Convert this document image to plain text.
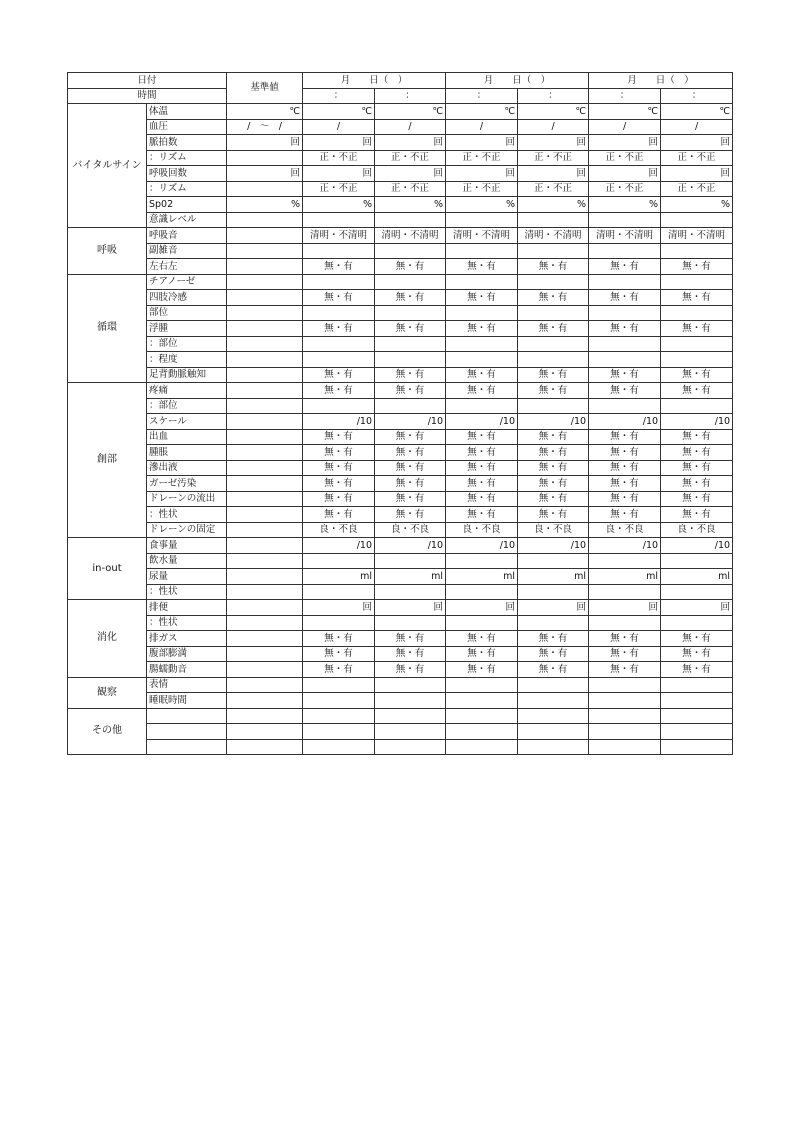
日付		基準値	月　　日（　）		月　　日（　）		月　　日（　）	
時間			：	：	：	：	：	：
バイタルサイン	体温	℃	℃	℃	℃	℃	℃	℃
	血圧	/　〜　/	/	/	/	/	/	/
	脈拍数	回	回	回	回	回	回	回
	：リズム		正・不正	正・不正	正・不正	正・不正	正・不正	正・不正
	呼吸回数	回	回	回	回	回	回	回
	：リズム		正・不正	正・不正	正・不正	正・不正	正・不正	正・不正
	Sp02	%	%	%	%	%	%	%
	意識レベル							
呼吸	呼吸音		清明・不清明	清明・不清明	清明・不清明	清明・不清明	清明・不清明	清明・不清明
	副雑音							
	左右左		無・有	無・有	無・有	無・有	無・有	無・有
循環	チアノーゼ							
	四肢冷感		無・有	無・有	無・有	無・有	無・有	無・有
	部位							
	浮腫		無・有	無・有	無・有	無・有	無・有	無・有
	：部位							
	：程度							
	足背動脈触知		無・有	無・有	無・有	無・有	無・有	無・有
創部	疼痛		無・有	無・有	無・有	無・有	無・有	無・有
	：部位							
	スケール		/10	/10	/10	/10	/10	/10
	出血		無・有	無・有	無・有	無・有	無・有	無・有
	腫脹		無・有	無・有	無・有	無・有	無・有	無・有
	滲出液		無・有	無・有	無・有	無・有	無・有	無・有
	ガーゼ汚染		無・有	無・有	無・有	無・有	無・有	無・有
	ドレーンの流出		無・有	無・有	無・有	無・有	無・有	無・有
	：性状		無・有	無・有	無・有	無・有	無・有	無・有
	ドレーンの固定		良・不良	良・不良	良・不良	良・不良	良・不良	良・不良
in-out	食事量		/10	/10	/10	/10	/10	/10
	飲水量							
	尿量		ml	ml	ml	ml	ml	ml
	：性状							
消化	排便		回	回	回	回	回	回
	：性状							
	排ガス		無・有	無・有	無・有	無・有	無・有	無・有
	腹部膨満		無・有	無・有	無・有	無・有	無・有	無・有
	腸蠕動音		無・有	無・有	無・有	無・有	無・有	無・有
観察	表情							
	睡眠時間							
その他								
